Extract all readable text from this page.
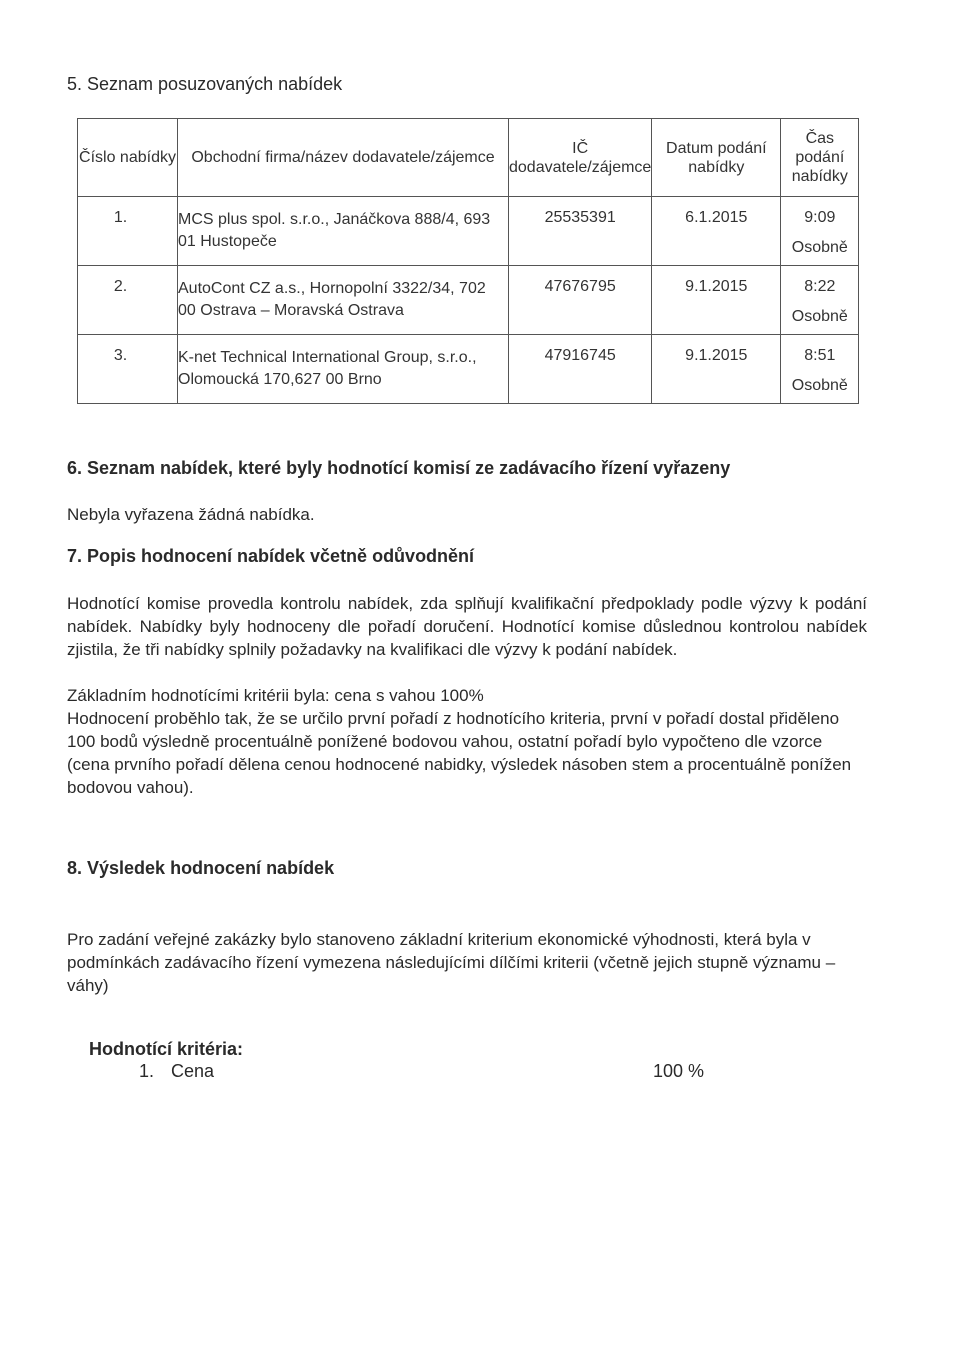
5. Seznam posuzovaných nabídek
Číslo nabídky	Obchodní firma/název dodavatele/zájemce	IČ dodavatele/zájemce	Datum podání nabídky	Čas podání nabídky
1.	MCS plus spol. s.r.o., Janáčkova 888/4, 693 01 Hustopeče	25535391	6.1.2015	9:09
Osobně

2.	AutoCont CZ a.s., Hornopolní 3322/34, 702 00 Ostrava – Moravská Ostrava	47676795	9.1.2015	8:22
Osobně

3.	K-net Technical International Group, s.r.o., Olomoucká 170,627 00 Brno	47916745	9.1.2015	8:51
Osobně
6. Seznam nabídek, které byly hodnotící komisí ze zadávacího řízení vyřazeny

Nebyla vyřazena žádná nabídka.

7. Popis hodnocení nabídek včetně odůvodnění

Hodnotící komise provedla kontrolu nabídek, zda splňují kvalifikační předpoklady podle výzvy k podání nabídek. Nabídky byly hodnoceny dle pořadí doručení. Hodnotící komise důslednou kontrolou nabídek zjistila, že tři nabídky splnily požadavky na kvalifikaci dle výzvy k podání nabídek.

Základním hodnotícími kritérii byla: cena s vahou 100%

Hodnocení proběhlo tak, že se určilo první pořadí z hodnotícího kriteria, první v pořadí dostal přiděleno 100 bodů výsledně procentuálně ponížené bodovou vahou, ostatní pořadí bylo vypočteno dle vzorce (cena prvního pořadí dělena cenou hodnocené nabidky, výsledek násoben stem a procentuálně ponížen bodovou vahou).

8. Výsledek hodnocení nabídek

Pro zadání veřejné zakázky bylo stanoveno základní kriterium ekonomické výhodnosti, která byla v podmínkách zadávacího řízení vymezena následujícími dílčími kriterii (včetně jejich stupně významu – váhy)

Hodnotící kritéria:
1. Cena	100 %
